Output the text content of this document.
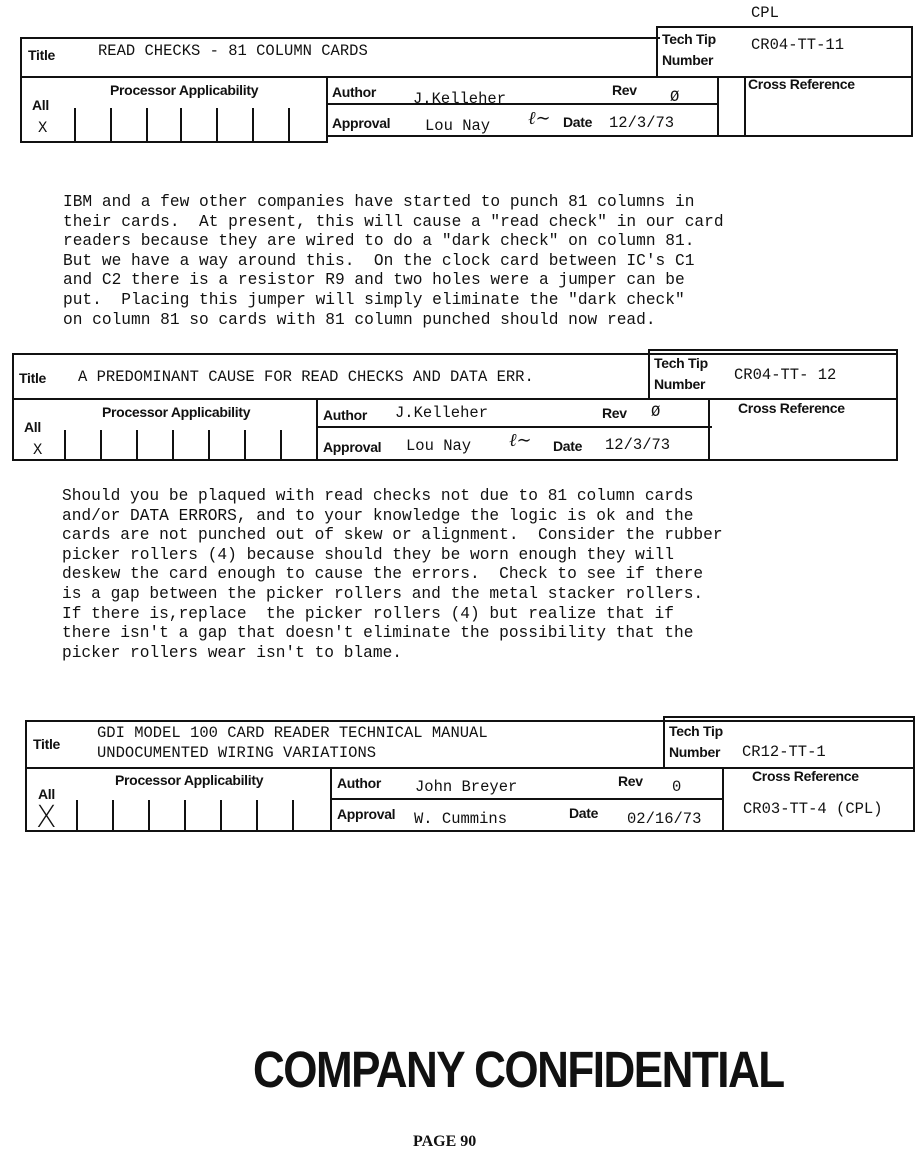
CPL
Title	READ CHECKS - 81 COLUMN CARDS
Tech Tip
Number
CR04-TT-11
Processor Applicability
All
X
Author J.Kelleher	Rev Ø
Approval Lou Nay ℓ∼ Date 12/3/73
Cross Reference
IBM and a few other companies have started to punch 81 columns in
their cards.  At present, this will cause a "read check" in our card
readers because they are wired to do a "dark check" on column 81.
But we have a way around this.  On the clock card between IC's C1
and C2 there is a resistor R9 and two holes were a jumper can be
put.  Placing this jumper will simply eliminate the "dark check"
on column 81 so cards with 81 column punched should now read.
Title A PREDOMINANT CAUSE FOR READ CHECKS AND DATA ERR.
Tech Tip
Number CR04-TT- 12
Processor Applicability
All
X
Author J.Kelleher	Rev Ø
Approval Lou Nay ℓ∼ Date 12/3/73
Cross Reference
Should you be plaqued with read checks not due to 81 column cards
and/or DATA ERRORS, and to your knowledge the logic is ok and the
cards are not punched out of skew or alignment.  Consider the rubber
picker rollers (4) because should they be worn enough they will
deskew the card enough to cause the errors.  Check to see if there
is a gap between the picker rollers and the metal stacker rollers.
If there is,replace  the picker rollers (4) but realize that if
there isn't a gap that doesn't eliminate the possibility that the
picker rollers wear isn't to blame.
Title
GDI MODEL 100 CARD READER TECHNICAL MANUAL
UNDOCUMENTED WIRING VARIATIONS
Tech Tip
Number CR12-TT-1
Processor Applicability
All
X
Author John Breyer	Rev 0
Approval W. Cummins	Date 02/16/73
Cross Reference
CR03-TT-4 (CPL)
COMPANY CONFIDENTIAL
PAGE 90
